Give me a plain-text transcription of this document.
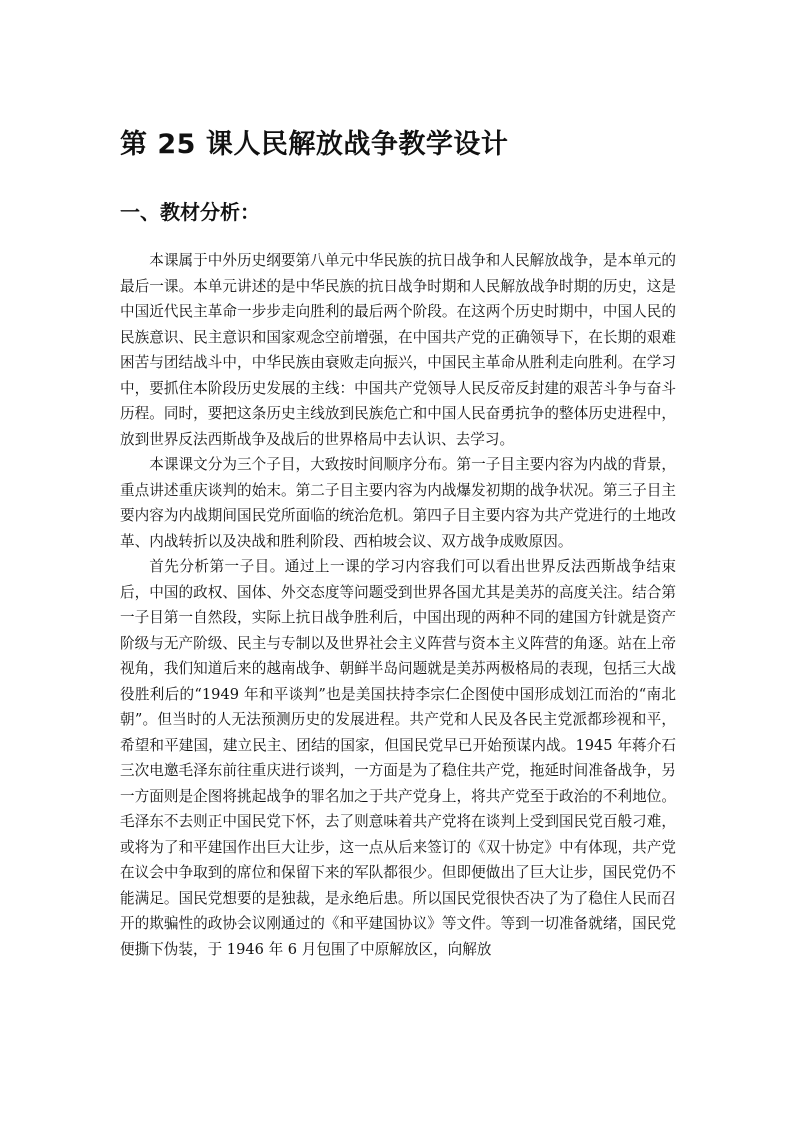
第 25 课人民解放战争教学设计
一、教材分析：

本课属于中外历史纲要第八单元中华民族的抗日战争和人民解放战争，是本单元的最后一课。本单元讲述的是中华民族的抗日战争时期和人民解放战争时期的历史，这是中国近代民主革命一步步走向胜利的最后两个阶段。在这两个历史时期中，中国人民的民族意识、民主意识和国家观念空前增强，在中国共产党的正确领导下，在长期的艰难困苦与团结战斗中，中华民族由衰败走向振兴，中国民主革命从胜利走向胜利。在学习中，要抓住本阶段历史发展的主线：中国共产党领导人民反帝反封建的艰苦斗争与奋斗历程。同时，要把这条历史主线放到民族危亡和中国人民奋勇抗争的整体历史进程中，放到世界反法西斯战争及战后的世界格局中去认识、去学习。

本课课文分为三个子目，大致按时间顺序分布。第一子目主要内容为内战的背景，重点讲述重庆谈判的始末。第二子目主要内容为内战爆发初期的战争状况。第三子目主要内容为内战期间国民党所面临的统治危机。第四子目主要内容为共产党进行的土地改革、内战转折以及决战和胜利阶段、西柏坡会议、双方战争成败原因。

首先分析第一子目。通过上一课的学习内容我们可以看出世界反法西斯战争结束后，中国的政权、国体、外交态度等问题受到世界各国尤其是美苏的高度关注。结合第一子目第一自然段，实际上抗日战争胜利后，中国出现的两种不同的建国方针就是资产阶级与无产阶级、民主与专制以及世界社会主义阵营与资本主义阵营的角逐。站在上帝视角，我们知道后来的越南战争、朝鲜半岛问题就是美苏两极格局的表现，包括三大战役胜利后的“1949 年和平谈判”也是美国扶持李宗仁企图使中国形成划江而治的“南北朝”。但当时的人无法预测历史的发展进程。共产党和人民及各民主党派都珍视和平，希望和平建国，建立民主、团结的国家，但国民党早已开始预谋内战。1945 年蒋介石三次电邀毛泽东前往重庆进行谈判，一方面是为了稳住共产党，拖延时间准备战争，另一方面则是企图将挑起战争的罪名加之于共产党身上，将共产党至于政治的不利地位。毛泽东不去则正中国民党下怀，去了则意味着共产党将在谈判上受到国民党百般刁难，或将为了和平建国作出巨大让步，这一点从后来签订的《双十协定》中有体现，共产党在议会中争取到的席位和保留下来的军队都很少。但即便做出了巨大让步，国民党仍不能满足。国民党想要的是独裁，是永绝后患。所以国民党很快否决了为了稳住人民而召开的欺骗性的政协会议刚通过的《和平建国协议》等文件。等到一切准备就绪，国民党便撕下伪装，于 1946 年 6 月包围了中原解放区，向解放
